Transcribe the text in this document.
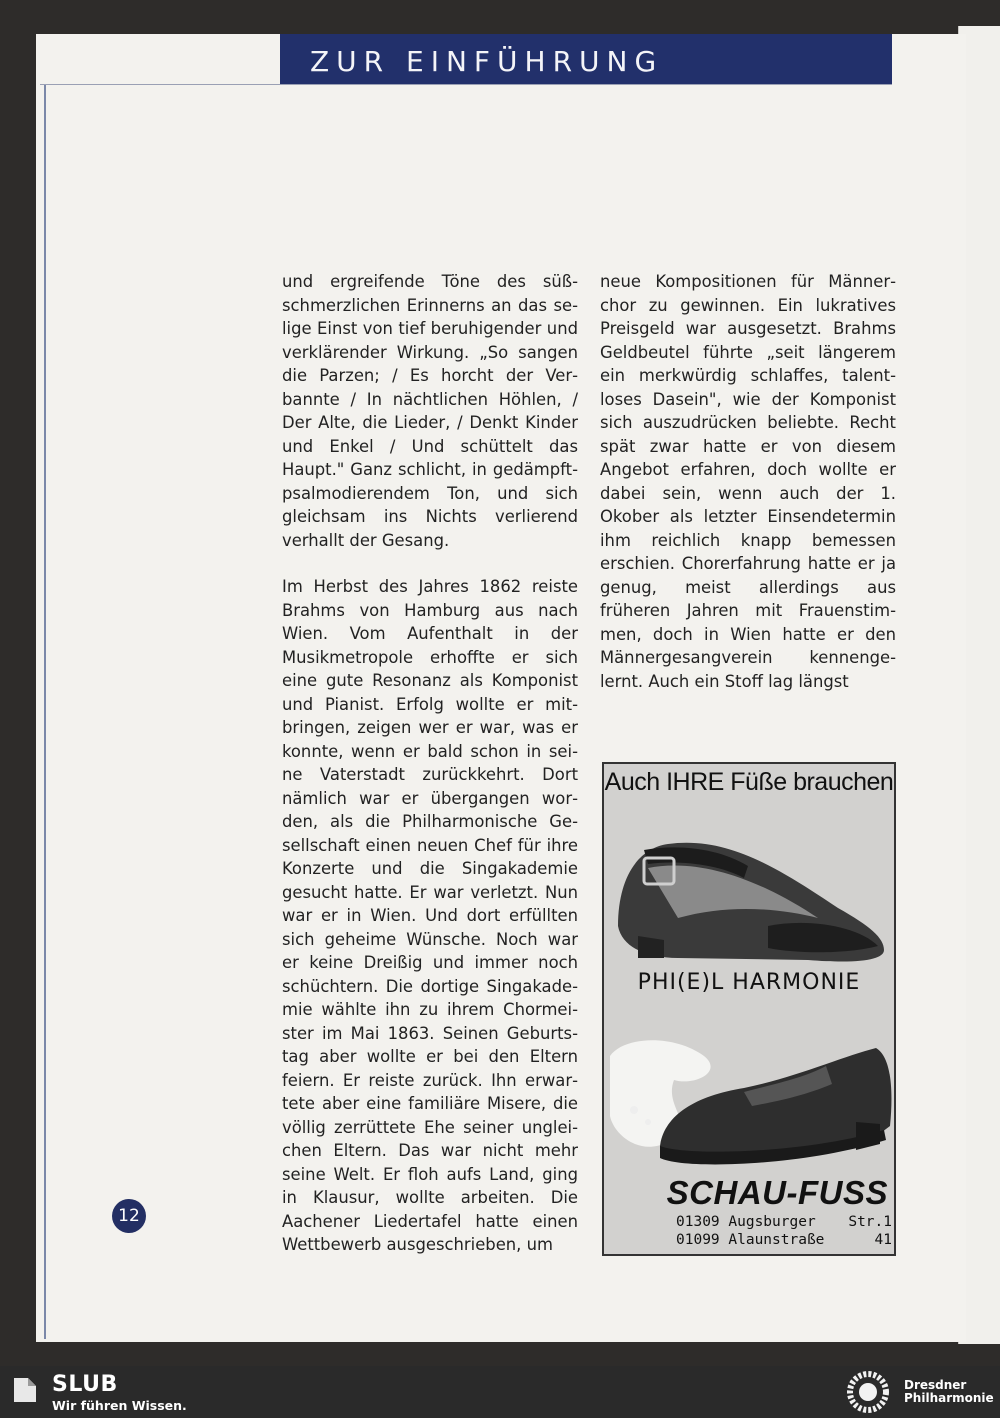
ZUR EINFÜHRUNG

und ergreifende Töne des süßschmerzlichen Erinnerns an das selige Einst von tief beruhigender und verklärender Wirkung. „So sangen die Parzen; / Es horcht der Verbannte / In nächtlichen Höhlen, / Der Alte, die Lieder, / Denkt Kinder und Enkel / Und schüttelt das Haupt." Ganz schlicht, in gedämpft-psalmodierendem Ton, und sich gleichsam ins Nichts verlierend verhallt der Gesang.

Im Herbst des Jahres 1862 reiste Brahms von Hamburg aus nach Wien. Vom Aufenthalt in der Musikmetropole erhoffte er sich eine gute Resonanz als Komponist und Pianist. Erfolg wollte er mitbringen, zeigen wer er war, was er konnte, wenn er bald schon in seine Vaterstadt zurückkehrt. Dort nämlich war er übergangen worden, als die Philharmonische Gesellschaft einen neuen Chef für ihre Konzerte und die Singakademie gesucht hatte. Er war verletzt. Nun war er in Wien. Und dort erfüllten sich geheime Wünsche. Noch war er keine Dreißig und immer noch schüchtern. Die dortige Singakademie wählte ihn zu ihrem Chormeister im Mai 1863. Seinen Geburtstag aber wollte er bei den Eltern feiern. Er reiste zurück. Ihn erwartete aber eine familiäre Misere, die völlig zerrüttete Ehe seiner ungleichen Eltern. Das war nicht mehr seine Welt. Er floh aufs Land, ging in Klausur, wollte arbeiten. Die Aachener Liedertafel hatte einen Wettbewerb ausgeschrieben, um

neue Kompositionen für Männerchor zu gewinnen. Ein lukratives Preisgeld war ausgesetzt. Brahms Geldbeutel führte „seit längerem ein merkwürdig schlaffes, talentloses Dasein", wie der Komponist sich auszudrücken beliebte. Recht spät zwar hatte er von diesem Angebot erfahren, doch wollte er dabei sein, wenn auch der 1. Okober als letzter Einsendetermin ihm reichlich knapp bemessen erschien. Chorerfahrung hatte er ja genug, meist allerdings aus früheren Jahren mit Frauenstimmen, doch in Wien hatte er den Männergesangverein kennengelernt. Auch ein Stoff lag längst

12
Auch IHRE Füße brauchen
PHI(E)L HARMONIE
SCHAU-FUSS
01309 Augsburger Str.1
01099 Alaunstraße	41
SLUB
Wir führen Wissen.
Dresdner
Philharmonie
